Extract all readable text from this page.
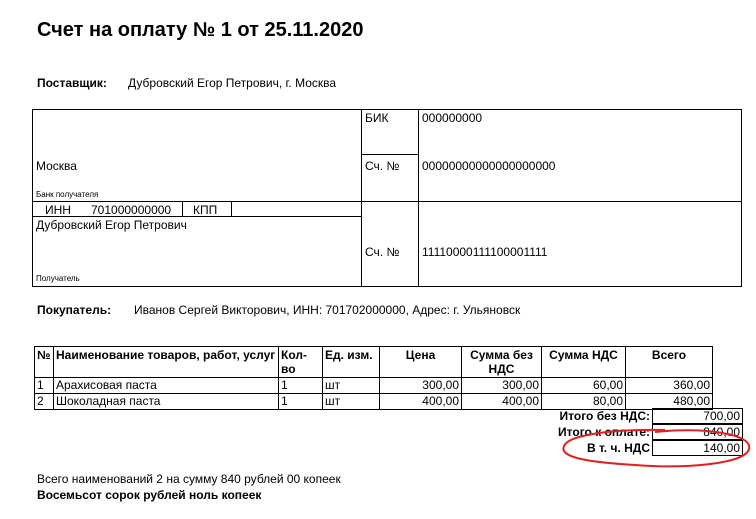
Счет на оплату № 1 от 25.11.2020
Поставщик: Дубровский Егор Петрович, г. Москва
БИК	000000000
Москва	Сч. № 00000000000000000000
Банк получателя
ИНН 701000000000 КПП
Дубровский Егор Петрович
Сч. № 11110000111100001111
Получатель
Покупатель: Иванов Сергей Викторович, ИНН: 701702000000, Адрес: г. Ульяновск
№	Наименование товаров, работ, услуг	Кол-во	Ед. изм.	Цена	Сумма без НДС	Сумма НДС	Всего
1	Арахисовая паста	1	шт	300,00	300,00	60,00	360,00
2	Шоколадная паста	1	шт	400,00	400,00	80,00	480,00
Итого без НДС:	700,00
Итого к оплате:	840,00
В т. ч. НДС	140,00
Всего наименований 2 на сумму 840 рублей 00 копеек
Восемьсот сорок рублей ноль копеек
